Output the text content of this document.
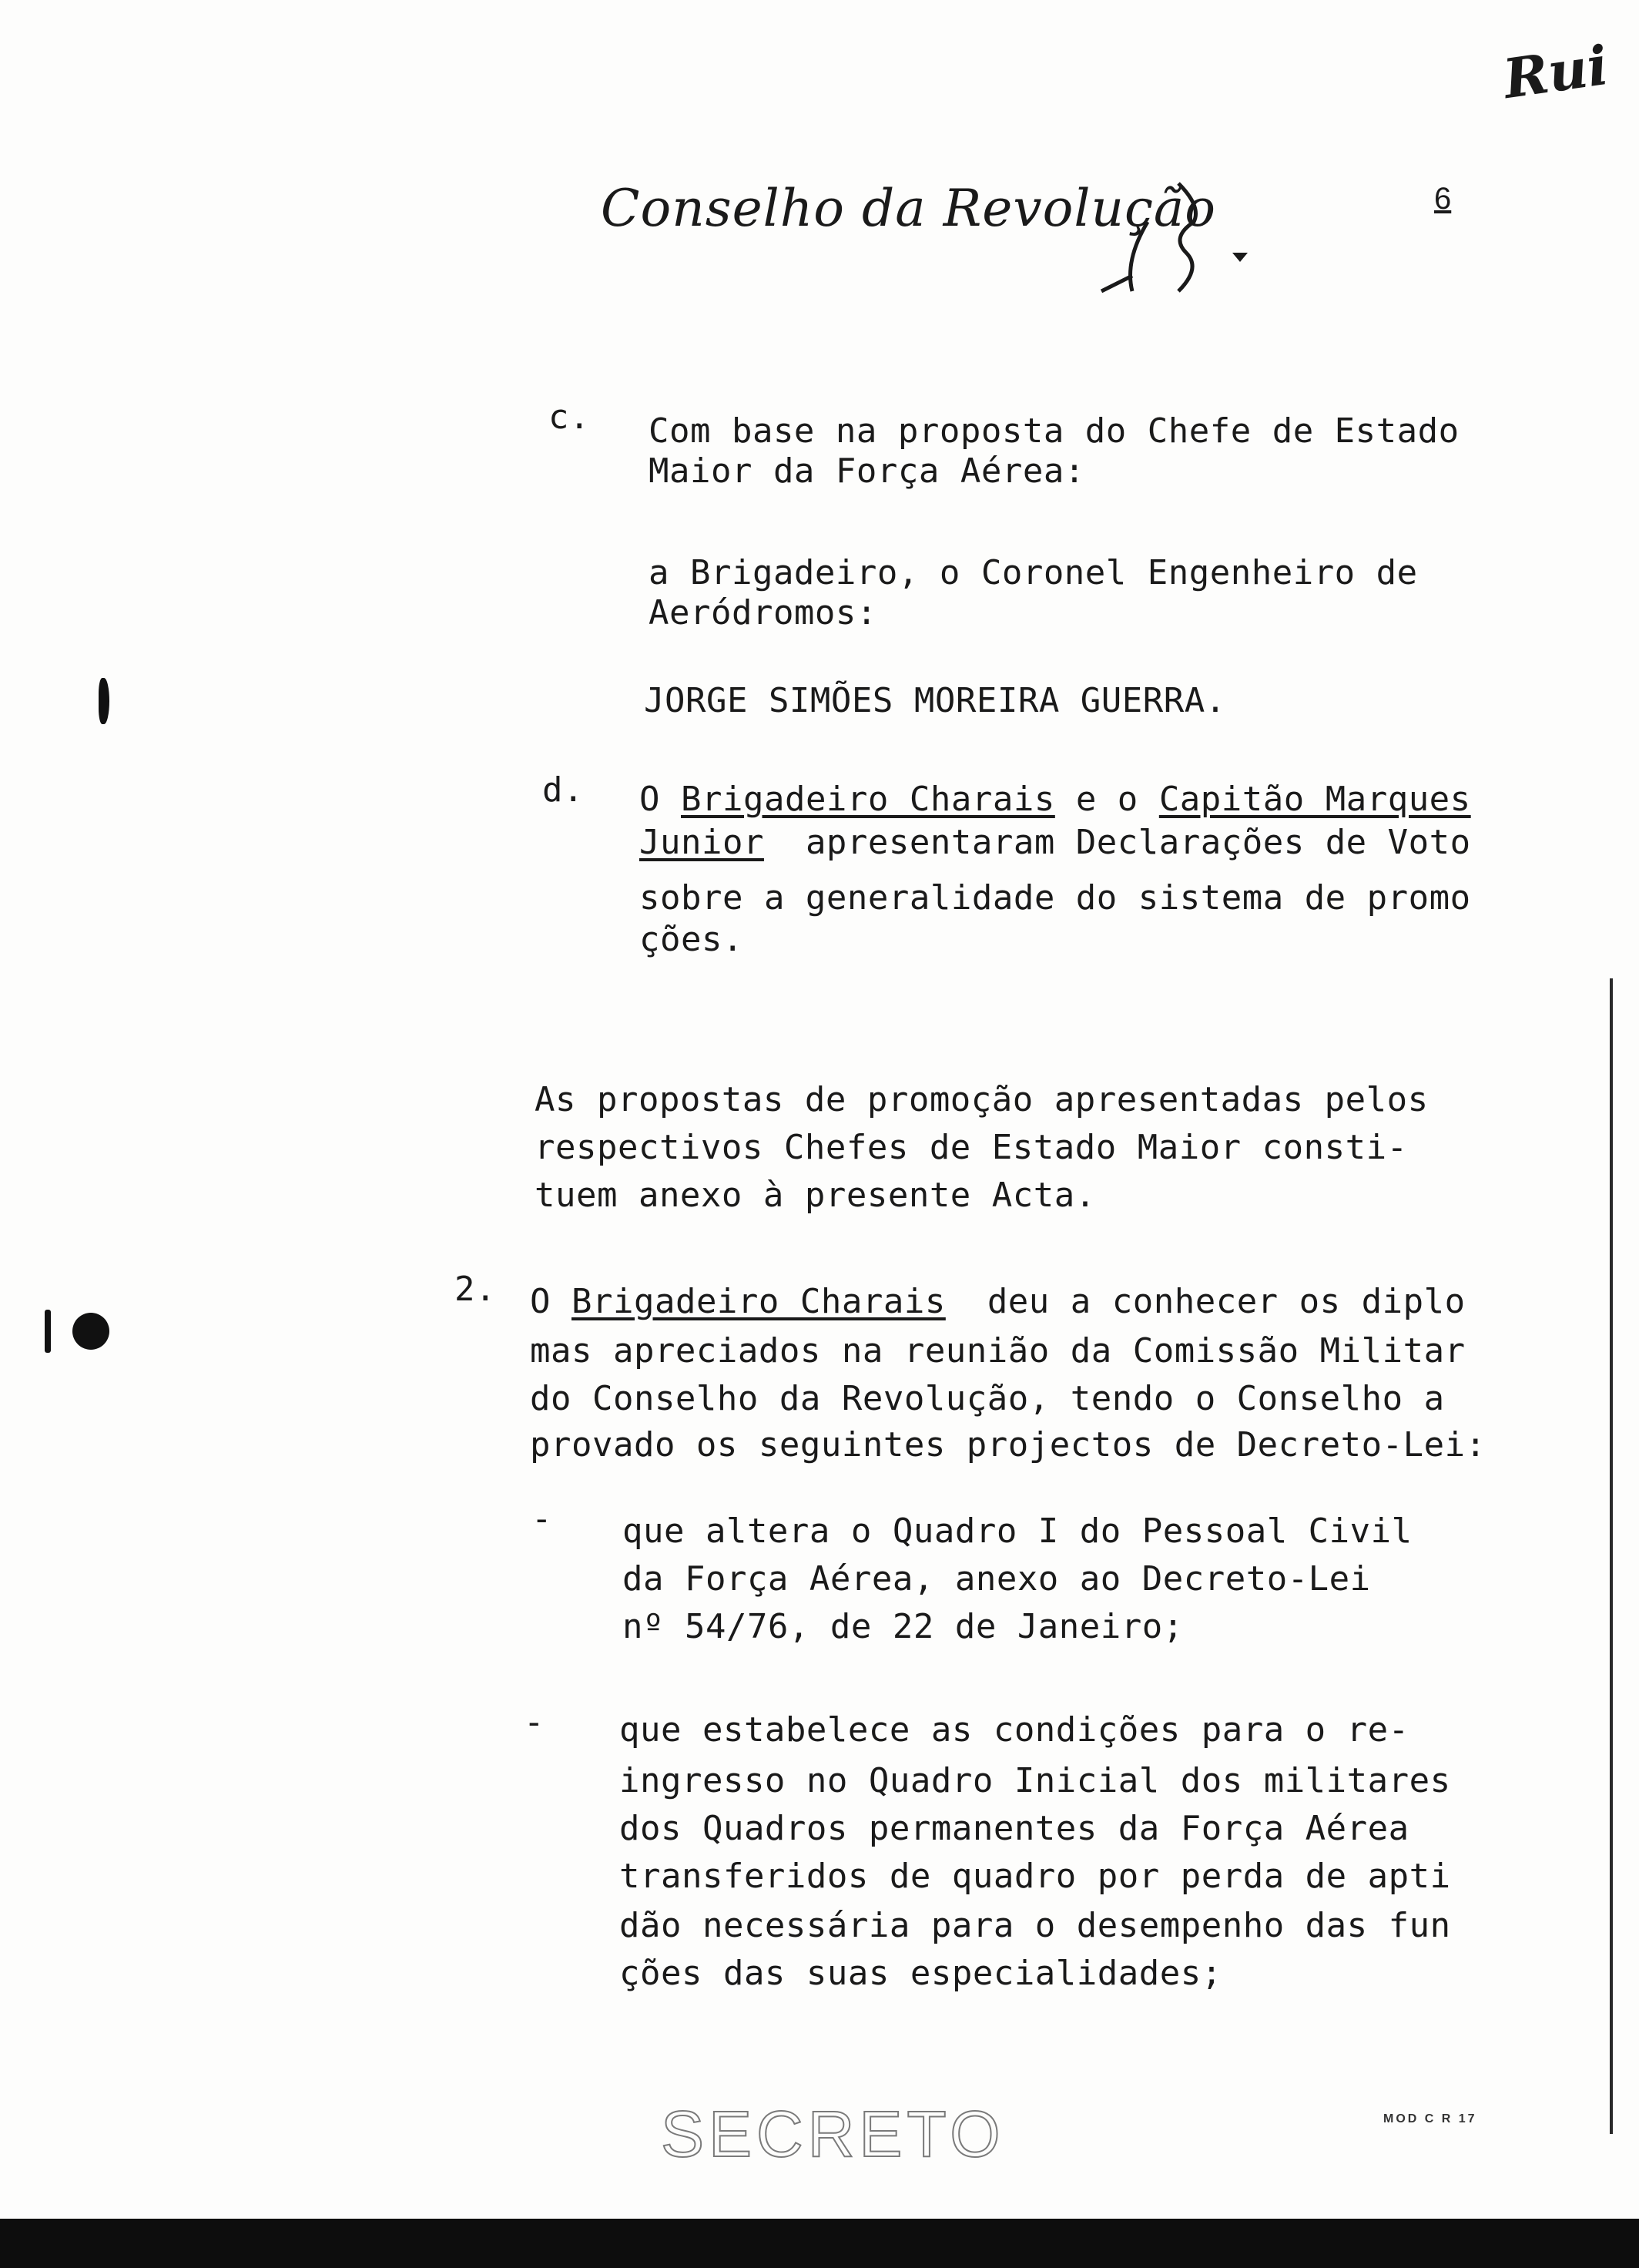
Rui
Conselho da Revolução	6
c. Com base na proposta do Chefe de Estado
Maior da Força Aérea:
a Brigadeiro, o Coronel Engenheiro de
Aeródromos:
JORGE SIMÕES MOREIRA GUERRA.
d. O Brigadeiro Charais e o Capitão Marques
Junior apresentaram Declarações de Voto
sobre a generalidade do sistema de promo
ções.
As propostas de promoção apresentadas pelos
respectivos Chefes de Estado Maior consti-
tuem anexo à presente Acta.
2. O Brigadeiro Charais deu a conhecer os diplo
mas apreciados na reunião da Comissão Militar
do Conselho da Revolução, tendo o Conselho a
provado os seguintes projectos de Decreto-Lei:
- que altera o Quadro I do Pessoal Civil
da Força Aérea, anexo ao Decreto-Lei
nº 54/76, de 22 de Janeiro;
- que estabelece as condições para o re-
ingresso no Quadro Inicial dos militares
dos Quadros permanentes da Força Aérea
transferidos de quadro por perda de apti
dão necessária para o desempenho das fun
ções das suas especialidades;
SECRETO	MOD C R 17
